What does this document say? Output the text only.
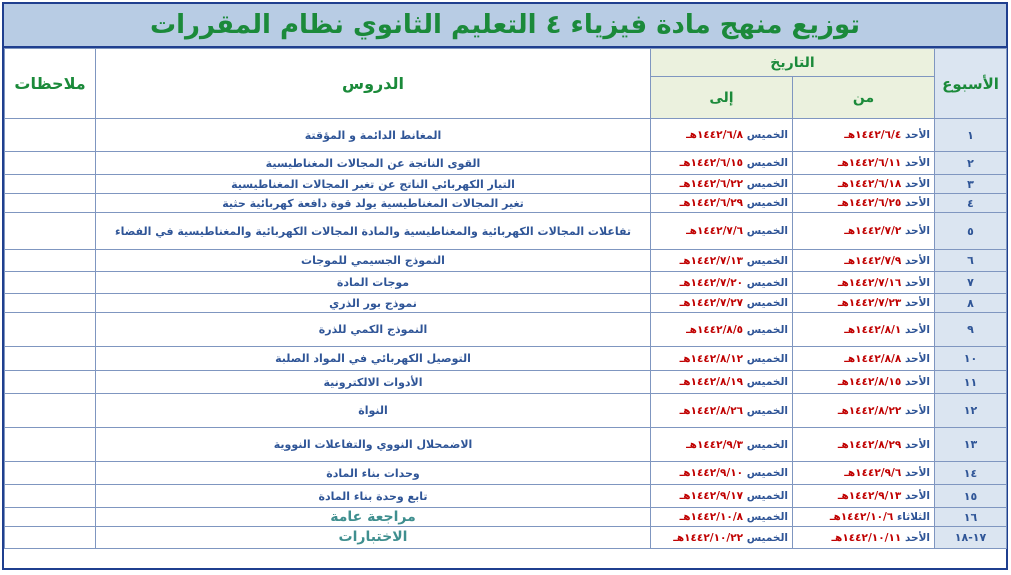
توزيع منهج مادة فيزياء ٤ التعليم الثانوي نظام المقررات
الأسبوع	التاريخ		الدروس	ملاحظات
	من	إلى		
١	الأحد ١٤٤٢/٦/٤هـ	الخميس ١٤٤٢/٦/٨هـ	المغانط الدائمة و المؤقتة	
٢	الأحد ١٤٤٢/٦/١١هـ	الخميس ١٤٤٢/٦/١٥هـ	القوى الناتجة عن المجالات المغناطيسية	
٣	الأحد ١٤٤٢/٦/١٨هـ	الخميس ١٤٤٢/٦/٢٢هـ	التيار الكهربائي الناتج عن تغير المجالات المغناطيسية	
٤	الأحد ١٤٤٢/٦/٢٥هـ	الخميس ١٤٤٢/٦/٢٩هـ	تغير المجالات المغناطيسية يولد قوة دافعة كهربائية حثية	
٥	الأحد ١٤٤٢/٧/٢هـ	الخميس ١٤٤٢/٧/٦هـ	تفاعلات المجالات الكهربائية والمغناطيسية والمادة المجالات الكهربائية والمغناطيسية في الفضاء	
٦	الأحد ١٤٤٢/٧/٩هـ	الخميس ١٤٤٢/٧/١٣هـ	النموذج الجسيمي للموجات	
٧	الأحد ١٤٤٢/٧/١٦هـ	الخميس ١٤٤٢/٧/٢٠هـ	موجات المادة	
٨	الأحد ١٤٤٢/٧/٢٣هـ	الخميس ١٤٤٢/٧/٢٧هـ	نموذج بور الذري	
٩	الأحد ١٤٤٢/٨/١هـ	الخميس ١٤٤٢/٨/٥هـ	النموذج الكمي للذرة	
١٠	الأحد ١٤٤٢/٨/٨هـ	الخميس ١٤٤٢/٨/١٢هـ	التوصيل الكهربائي في المواد الصلبة	
١١	الأحد ١٤٤٢/٨/١٥هـ	الخميس ١٤٤٢/٨/١٩هـ	الأدوات الالكترونية	
١٢	الأحد ١٤٤٢/٨/٢٢هـ	الخميس ١٤٤٢/٨/٢٦هـ	النواة	
١٣	الأحد ١٤٤٢/٨/٢٩هـ	الخميس ١٤٤٢/٩/٣هـ	الاضمحلال النووي والتفاعلات النووية	
١٤	الأحد ١٤٤٢/٩/٦هـ	الخميس ١٤٤٢/٩/١٠هـ	وحدات بناء المادة	
١٥	الأحد ١٤٤٢/٩/١٣هـ	الخميس ١٤٤٢/٩/١٧هـ	تابع وحدة بناء المادة	
١٦	الثلاثاء ١٤٤٢/١٠/٦هـ	الخميس ١٤٤٢/١٠/٨هـ	مراجعة عامة	
١٧-١٨	الأحد ١٤٤٢/١٠/١١هـ	الخميس ١٤٤٢/١٠/٢٢هـ	الاختبارات	
